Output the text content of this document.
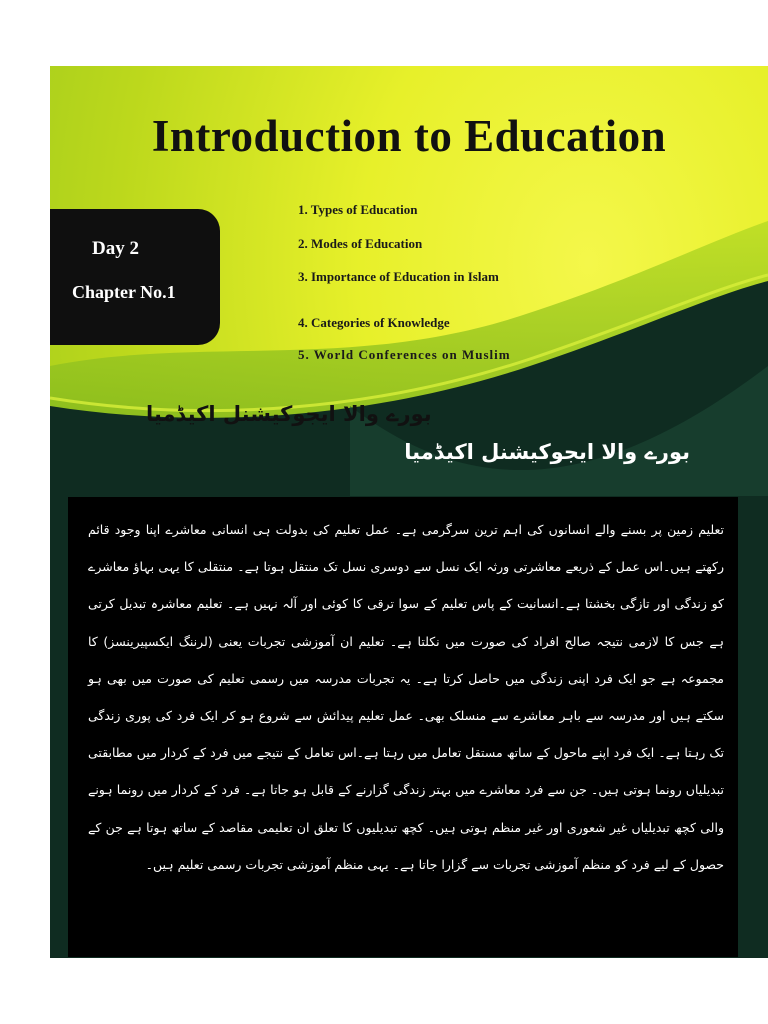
Introduction to Education
Day 2
Chapter No.1
1. Types of Education
2. Modes of Education
3. Importance of Education in Islam
4. Categories of Knowledge
5. World Conferences on Muslim
بورے والا ایجوکیشنل اکیڈمیا
بورے والا ایجوکیشنل اکیڈمیا

تعلیم زمین پر بسنے والے انسانوں کی اہم ترین سرگرمی ہے۔ عمل تعلیم کی بدولت ہی انسانی معاشرے اپنا وجود قائم رکھتے ہیں۔اس عمل کے ذریعے معاشرتی ورثہ ایک نسل سے دوسری نسل تک منتقل ہوتا ہے۔ منتقلی کا یہی بہاؤ معاشرے کو زندگی اور تازگی بخشتا ہے۔انسانیت کے پاس تعلیم کے سوا ترقی کا کوئی اور آلہ نہیں ہے۔ تعلیم معاشرہ تبدیل کرتی ہے جس کا لازمی نتیجہ صالح افراد کی صورت میں نکلتا ہے۔ تعلیم ان آموزشی تجربات یعنی (لرننگ ایکسپیرینسز) کا مجموعہ ہے جو ایک فرد اپنی زندگی میں حاصل کرتا ہے۔ یہ تجربات مدرسہ میں رسمی تعلیم کی صورت میں بھی ہو سکتے ہیں اور مدرسہ سے باہر معاشرے سے منسلک بھی۔ عمل تعلیم پیدائش سے شروع ہو کر ایک فرد کی پوری زندگی تک رہتا ہے۔ ایک فرد اپنے ماحول کے ساتھ مستقل تعامل میں رہتا ہے۔اس تعامل کے نتیجے میں فرد کے کردار میں مطابقتی تبدیلیاں رونما ہوتی ہیں۔ جن سے فرد معاشرے میں بہتر زندگی گزارنے کے قابل ہو جاتا ہے۔ فرد کے کردار میں رونما ہونے والی کچھ تبدیلیاں غیر شعوری اور غیر منظم ہوتی ہیں۔ کچھ تبدیلیوں کا تعلق ان تعلیمی مقاصد کے ساتھ ہوتا ہے جن کے حصول کے لیے فرد کو منظم آموزشی تجربات سے گزارا جاتا ہے۔ یہی منظم آموزشی تجربات رسمی تعلیم ہیں۔
